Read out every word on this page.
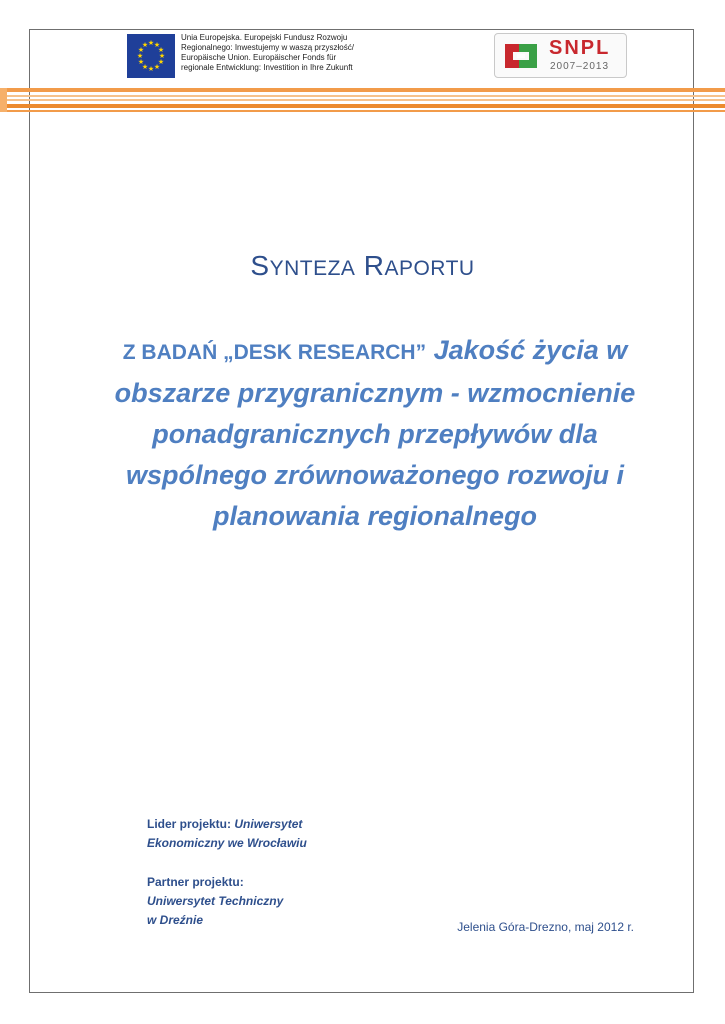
★ ★
★
★
★
★
★
★
★
★
★
★
Unia Europejska. Europejski Fundusz Rozwoju
Regionalnego: Inwestujemy w waszą przyszłość/
Europäische Union. Europäischer Fonds für
regionale Entwicklung: Investition in Ihre Zukunft
SNPL
2007–2013
SYNTEZA RAPORTU
Z BADAŃ „DESK RESEARCH” Jakość życia w obszarze przygranicznym - wzmocnienie ponadgranicznych przepływów dla wspólnego zrównoważonego rozwoju i planowania regionalnego
Lider projektu: Uniwersytet
Ekonomiczny we Wrocławiu
Partner projektu:
Uniwersytet Techniczny
w Dreźnie	Jelenia Góra-Drezno, maj 2012 r.
